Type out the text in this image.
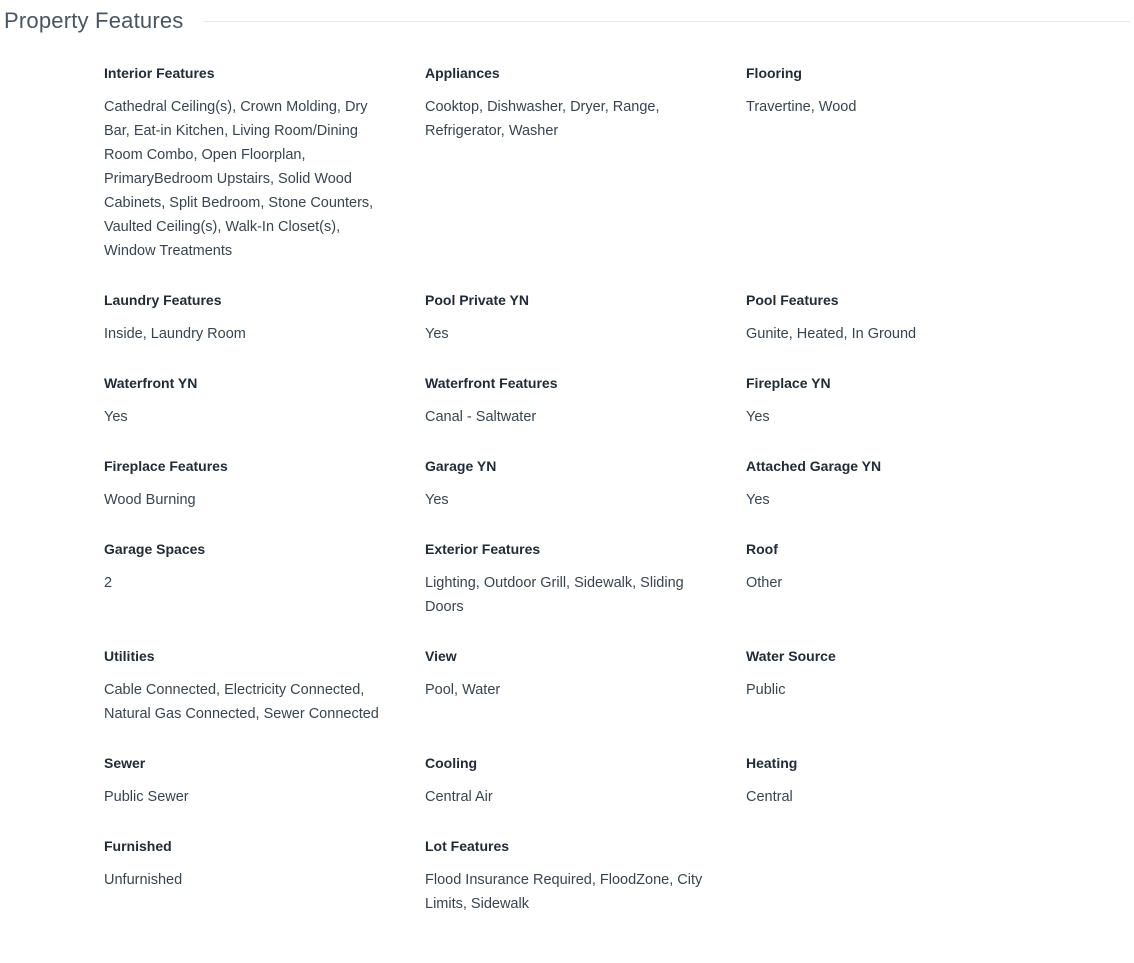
Property Features
Interior Features
Cathedral Ceiling(s), Crown Molding, Dry Bar, Eat-in Kitchen, Living Room/Dining Room Combo, Open Floorplan, PrimaryBedroom Upstairs, Solid Wood Cabinets, Split Bedroom, Stone Counters, Vaulted Ceiling(s), Walk-In Closet(s), Window Treatments
Appliances
Cooktop, Dishwasher, Dryer, Range, Refrigerator, Washer
Flooring
Travertine, Wood
Laundry Features
Inside, Laundry Room
Pool Private YN
Yes
Pool Features
Gunite, Heated, In Ground
Waterfront YN
Yes
Waterfront Features
Canal - Saltwater
Fireplace YN
Yes
Fireplace Features
Wood Burning
Garage YN
Yes
Attached Garage YN
Yes
Garage Spaces
2
Exterior Features
Lighting, Outdoor Grill, Sidewalk, Sliding Doors
Roof
Other
Utilities
Cable Connected, Electricity Connected, Natural Gas Connected, Sewer Connected
View
Pool, Water
Water Source
Public
Sewer
Public Sewer
Cooling
Central Air
Heating
Central
Furnished
Unfurnished
Lot Features
Flood Insurance Required, FloodZone, City Limits, Sidewalk
